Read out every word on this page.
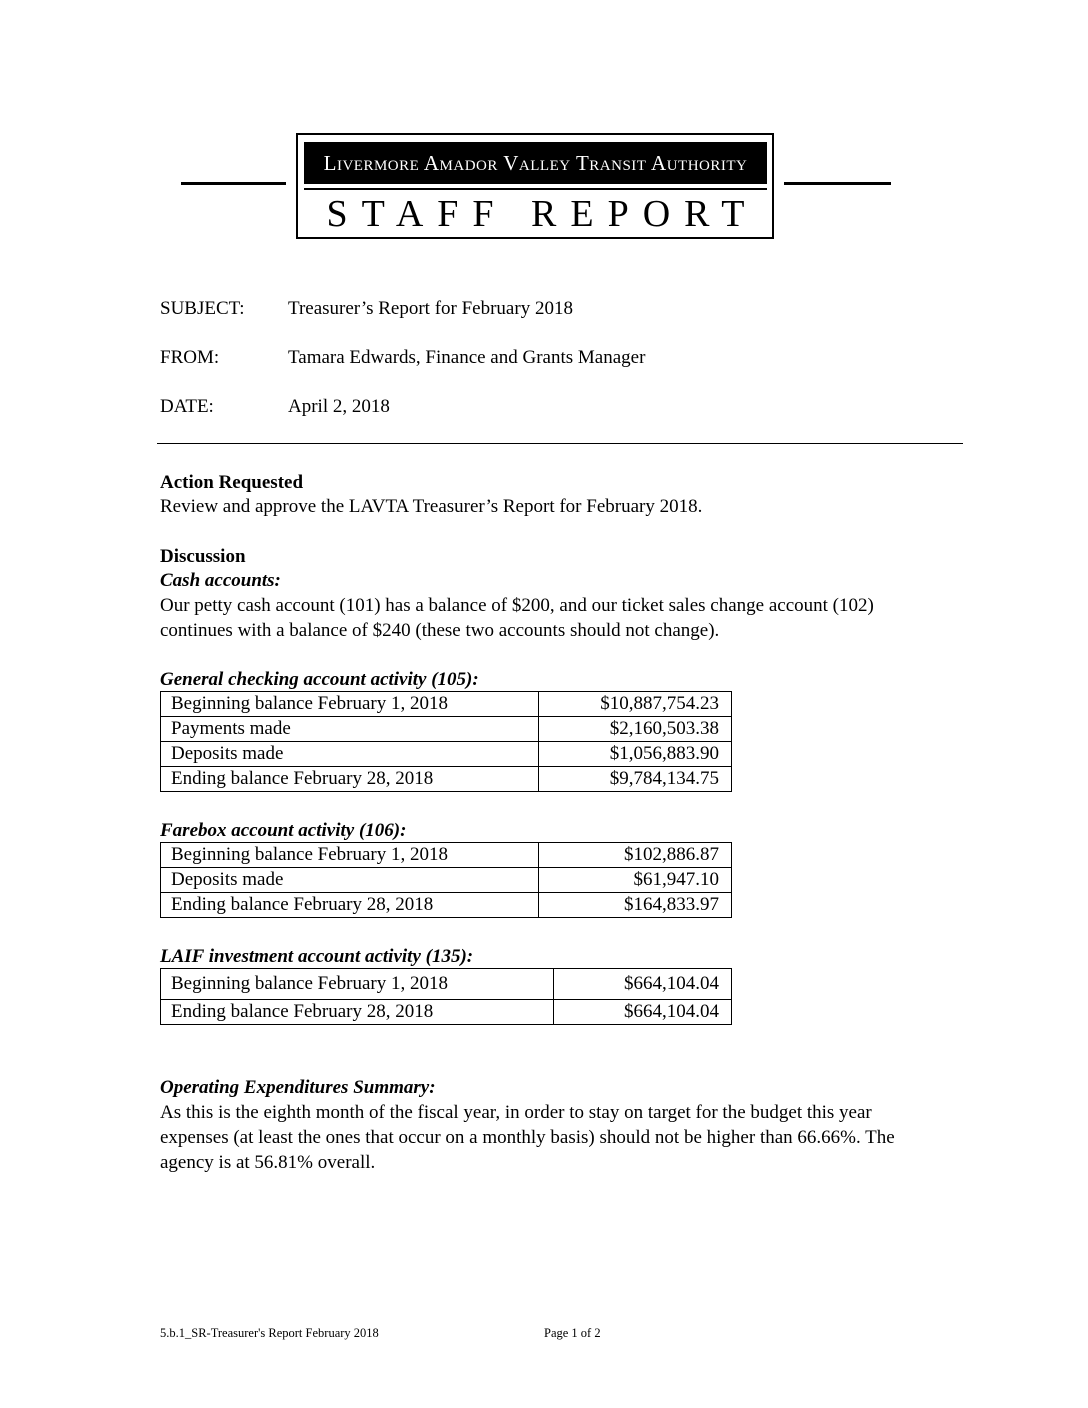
Livermore Amador Valley Transit Authority
STAFF REPORT
SUBJECT: Treasurer’s Report for February 2018
FROM:	Tamara Edwards, Finance and Grants Manager
DATE:	April 2, 2018
Action Requested
Review and approve the LAVTA Treasurer’s Report for February 2018.
Discussion
Cash accounts:
Our petty cash account (101) has a balance of $200, and our ticket sales change account (102) continues with a balance of $240 (these two accounts should not change).
General checking account activity (105):
Beginning balance February 1, 2018	$10,887,754.23
Payments made	$2,160,503.38
Deposits made	$1,056,883.90
Ending balance February 28, 2018	$9,784,134.75
Farebox account activity (106):
Beginning balance February 1, 2018	$102,886.87
Deposits made	$61,947.10
Ending balance February 28, 2018	$164,833.97
LAIF investment account activity (135):
Beginning balance February 1, 2018	$664,104.04
Ending balance February 28, 2018	$664,104.04
Operating Expenditures Summary:
As this is the eighth month of the fiscal year, in order to stay on target for the budget this year expenses (at least the ones that occur on a monthly basis) should not be higher than 66.66%. The agency is at 56.81% overall.
5.b.1_SR-Treasurer's Report February 2018	Page 1 of 2
